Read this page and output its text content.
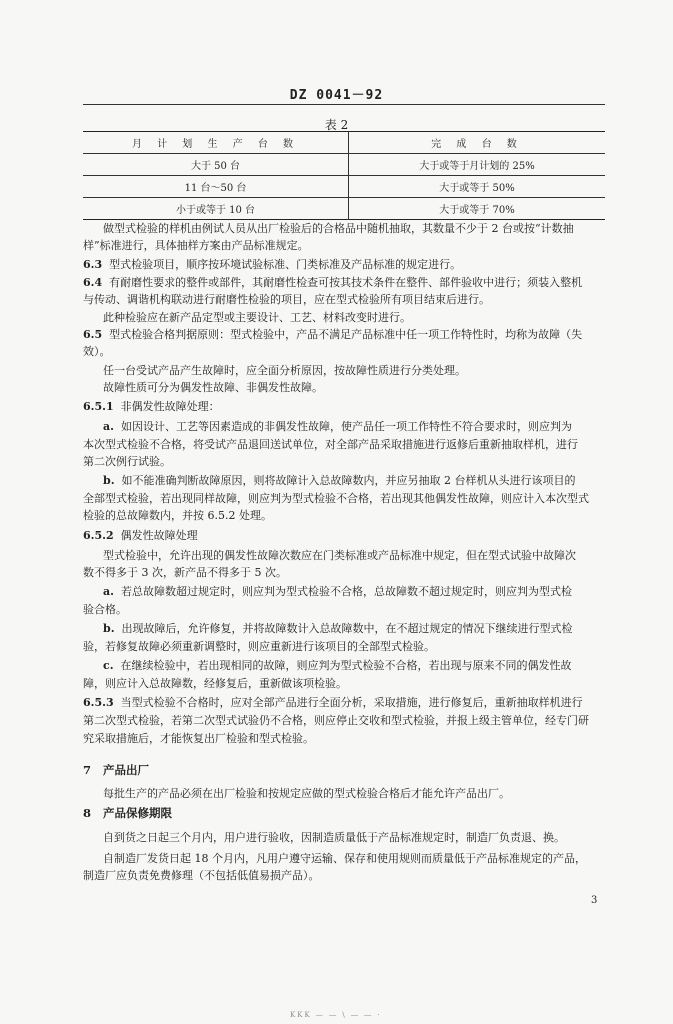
DZ 0041－92
表 2
月 计 划 生 产 台 数	完 成 台 数
大于 50 台	大于或等于月计划的 25%
11 台～50 台	大于或等于 50%
小于或等于 10 台	大于或等于 70%
做型式检验的样机由例试人员从出厂检验后的合格品中随机抽取，其数量不少于 2 台或按“计数抽
样”标准进行，具体抽样方案由产品标准规定。
6.3 型式检验项目，顺序按环境试验标准、门类标准及产品标准的规定进行。
6.4 有耐磨性要求的整件或部件，其耐磨性检查可按其技术条件在整件、部件验收中进行；须装入整机
与传动、调谐机构联动进行耐磨性检验的项目，应在型式检验所有项目结束后进行。
此种检验应在新产品定型或主要设计、工艺、材料改变时进行。
6.5 型式检验合格判据原则：型式检验中，产品不满足产品标准中任一项工作特性时，均称为故障（失
效）。
任一台受试产品产生故障时，应全面分析原因，按故障性质进行分类处理。
故障性质可分为偶发性故障、非偶发性故障。
6.5.1 非偶发性故障处理：
a. 如因设计、工艺等因素造成的非偶发性故障，使产品任一项工作特性不符合要求时，则应判为
本次型式检验不合格，将受试产品退回送试单位，对全部产品采取措施进行返修后重新抽取样机，进行
第二次例行试验。
b. 如不能准确判断故障原因，则将故障计入总故障数内，并应另抽取 2 台样机从头进行该项目的
全部型式检验，若出现同样故障，则应判为型式检验不合格，若出现其他偶发性故障，则应计入本次型式
检验的总故障数内，并按 6.5.2 处理。
6.5.2 偶发性故障处理
型式检验中，允许出现的偶发性故障次数应在门类标准或产品标准中规定，但在型式试验中故障次
数不得多于 3 次，新产品不得多于 5 次。
a. 若总故障数超过规定时，则应判为型式检验不合格，总故障数不超过规定时，则应判为型式检
验合格。
b. 出现故障后，允许修复，并将故障数计入总故障数中，在不超过规定的情况下继续进行型式检
验，若修复故障必须重新调整时，则应重新进行该项目的全部型式检验。
c. 在继续检验中，若出现相同的故障，则应判为型式检验不合格，若出现与原来不同的偶发性故
障，则应计入总故障数，经修复后，重新做该项检验。
6.5.3 当型式检验不合格时，应对全部产品进行全面分析，采取措施，进行修复后，重新抽取样机进行
第二次型式检验，若第二次型式试验仍不合格，则应停止交收和型式检验，并报上级主管单位，经专门研
究采取措施后，才能恢复出厂检验和型式检验。
7 产品出厂
每批生产的产品必须在出厂检验和按规定应做的型式检验合格后才能允许产品出厂。
8 产品保修期限
自到货之日起三个月内，用户进行验收，因制造质量低于产品标准规定时，制造厂负责退、换。
自制造厂发货日起 18 个月内，凡用户遵守运输、保存和使用规则而质量低于产品标准规定的产品，
制造厂应负责免费修理（不包括低值易损产品）。
3
KKK — ― \ ― ― ·
